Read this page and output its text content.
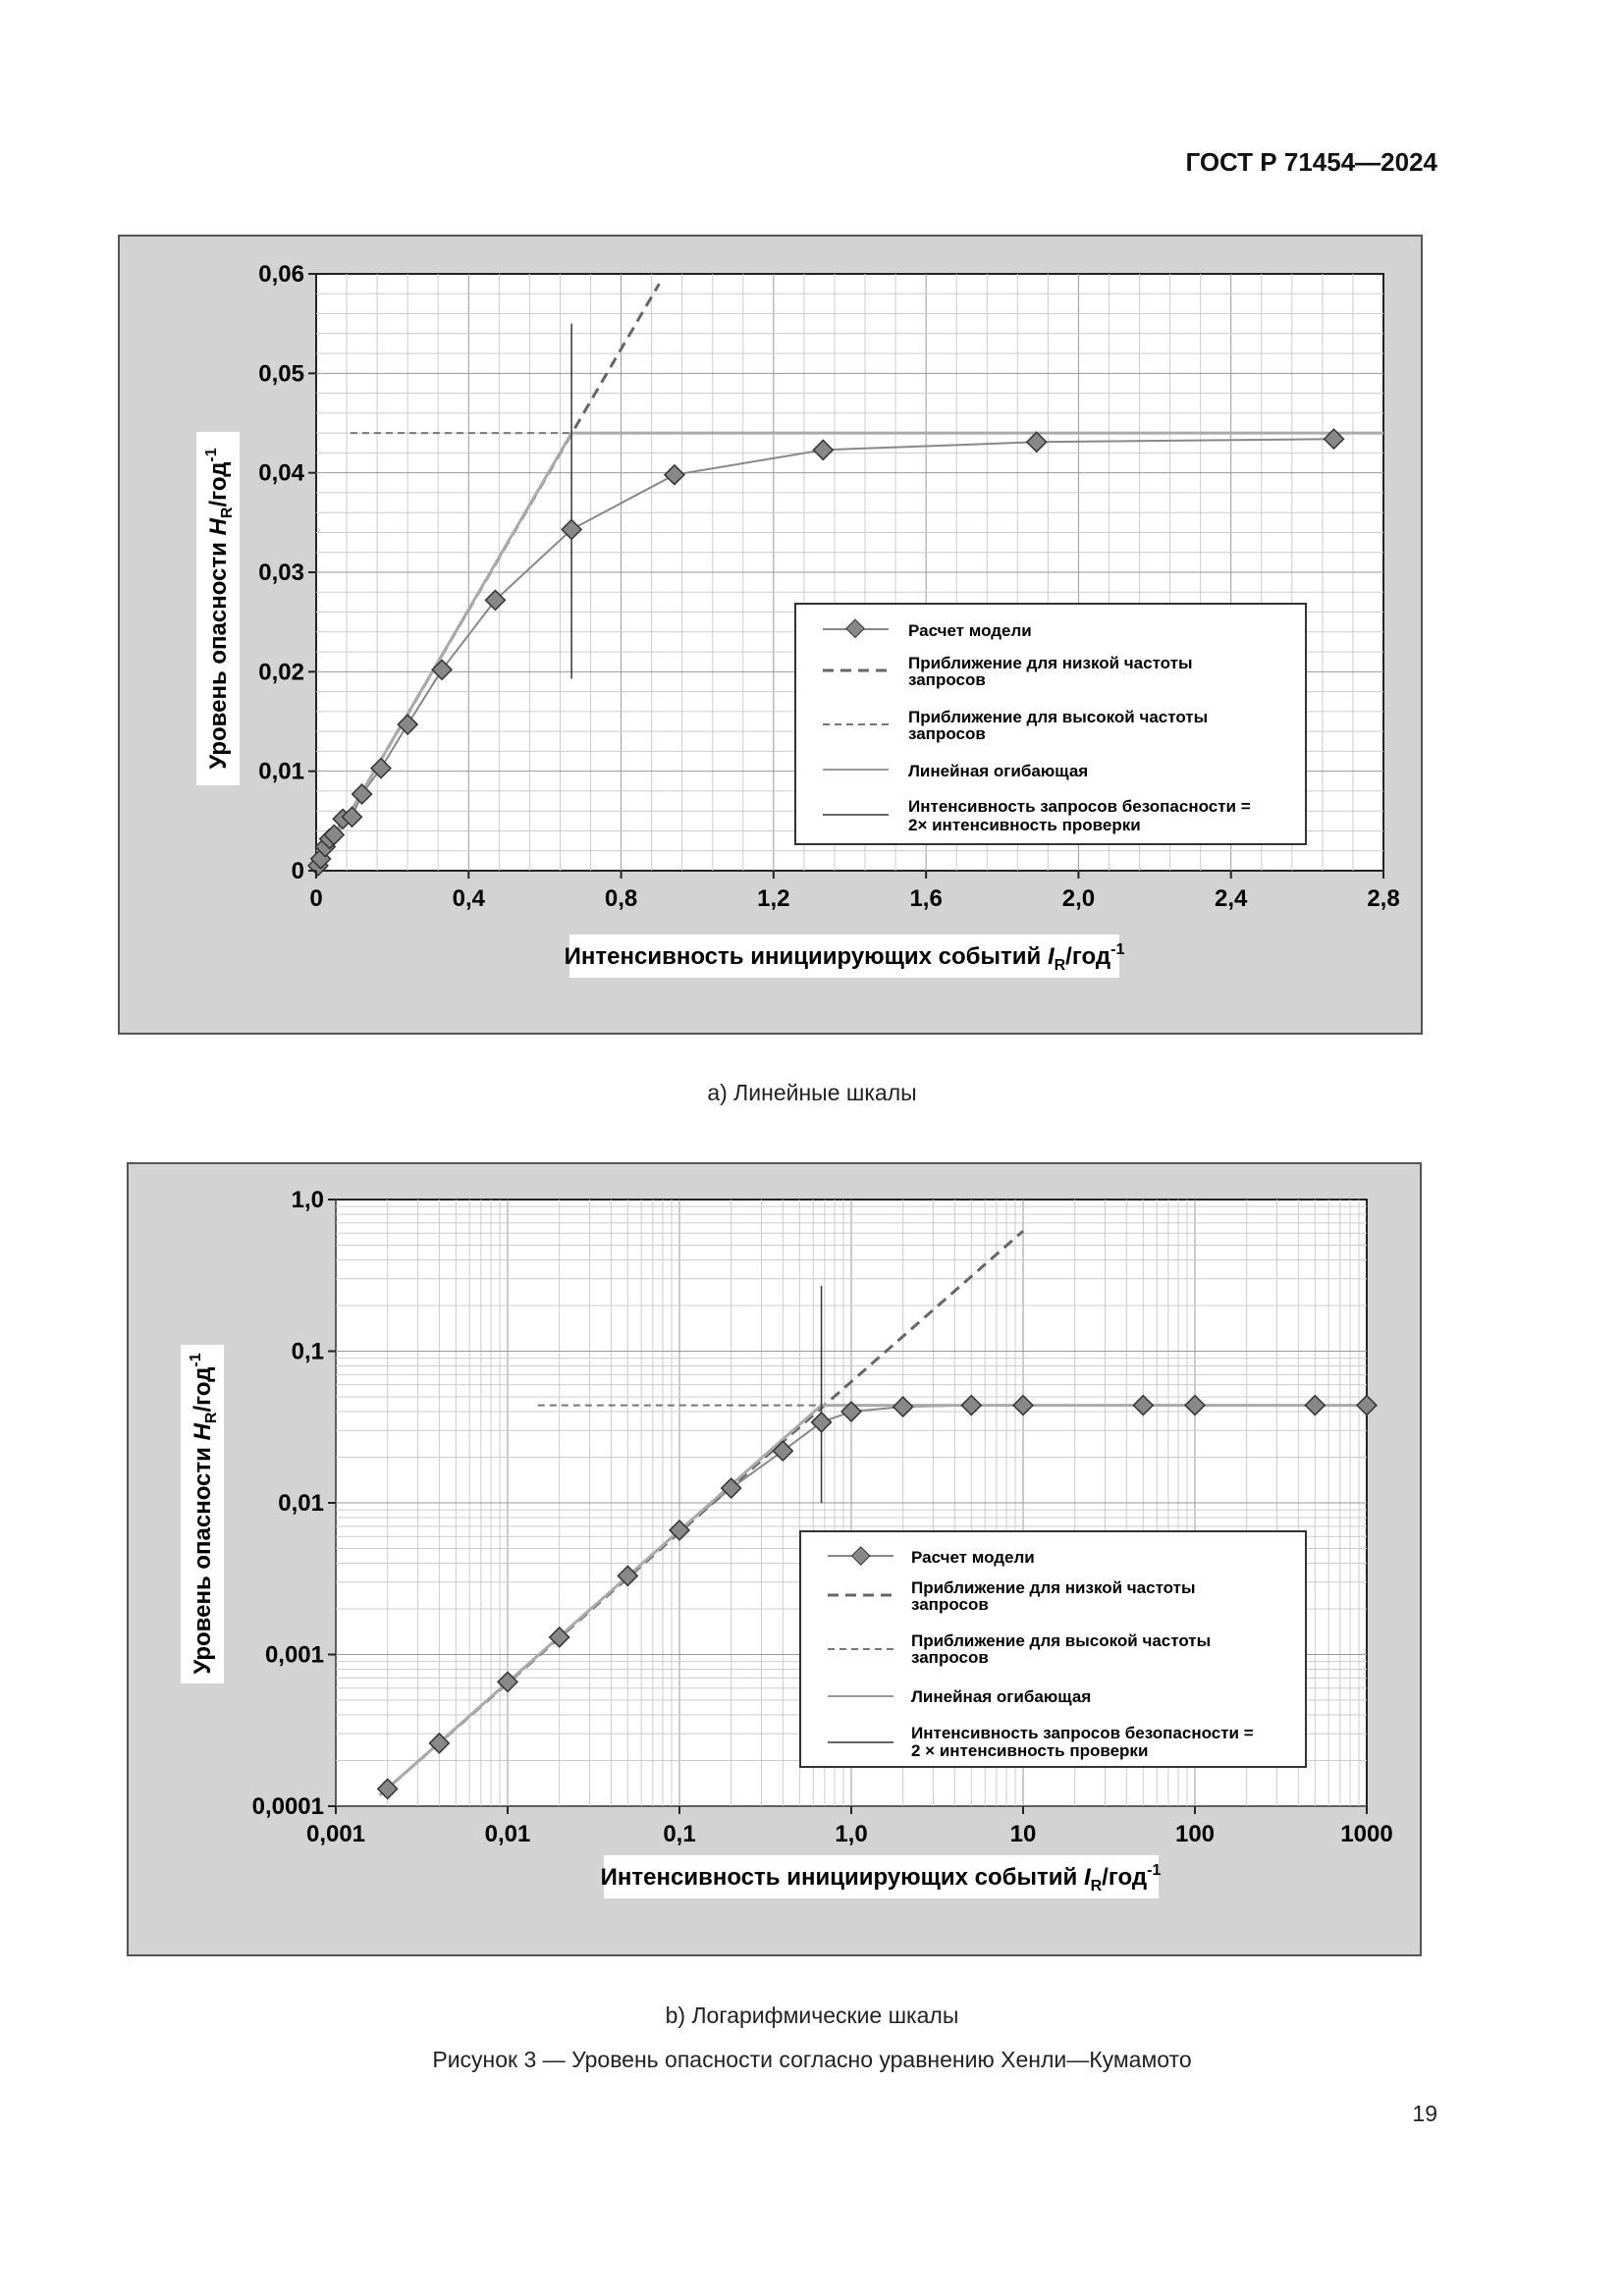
ГОСТ Р 71454—2024
0	0,4	0,8	1,2	1,6	2,0	2,4	2,8
0
0,01
0,02
0,03
0,04
0,05
0,06
Интенсивность инициирующих событий $I_R/год^{-1}$
Уровень опасности $H_R/год^{-1}$
Расчет модели
Приближение для низкой частоты
запросов
Приближение для высокой частоты
запросов
Линейная огибающая
Интенсивность запросов безопасности =
2× интенсивность проверки
0,001	0,01	0,1	1,0	10	100	1000
0,0001
0,001
0,01
0,1
1,0
Интенсивность инициирующих событий $I_R/год^{-1}$
Уровень опасности $H_R/год^{-1}$
Расчет модели
Приближение для низкой частоты
запросов
Приближение для высокой частоты
запросов
Линейная огибающая
Интенсивность запросов безопасности =
2 × интенсивность проверки
a) Линейные шкалы
b) Логарифмические шкалы
Рисунок 3 — Уровень опасности согласно уравнению Хенли—Кумамото
19
